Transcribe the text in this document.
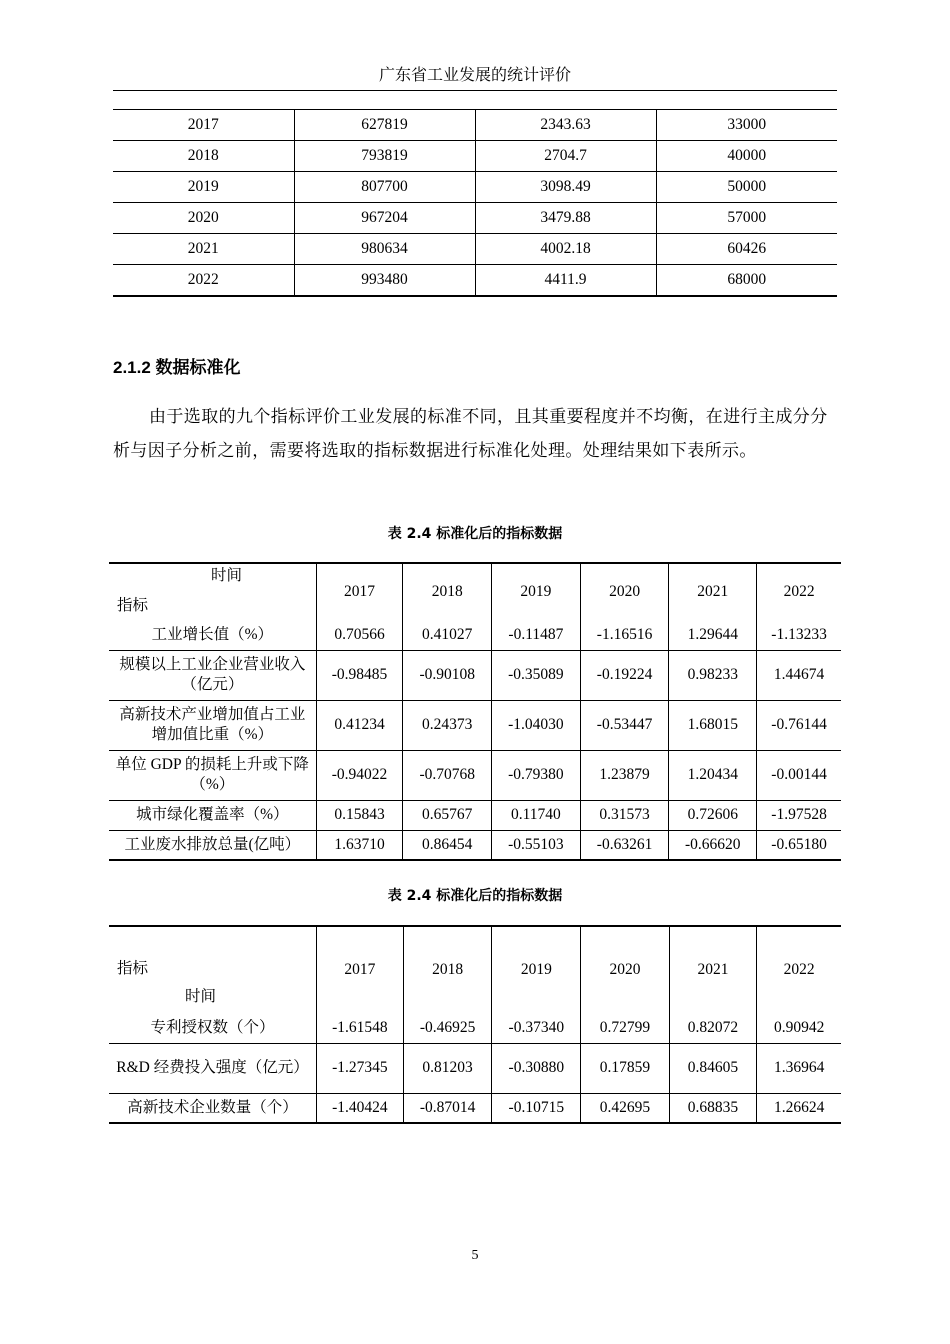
广东省工业发展的统计评价
2017	627819	2343.63	33000
2018	793819	2704.7	40000
2019	807700	3098.49	50000
2020	967204	3479.88	57000
2021	980634	4002.18	60426
2022	993480	4411.9	68000
2.1.2 数据标准化
由于选取的九个指标评价工业发展的标准不同，且其重要程度并不均衡，在进行主成分分析与因子分析之前，需要将选取的指标数据进行标准化处理。处理结果如下表所示。
表 2.4 标准化后的指标数据
时间
指标	2017	2018	2019	2020	2021	2022
工业增长值（%）	0.70566	0.41027	-0.11487	-1.16516	1.29644	-1.13233
规模以上工业企业营业收入（亿元）	-0.98485	-0.90108	-0.35089	-0.19224	0.98233	1.44674
高新技术产业增加值占工业增加值比重（%）	0.41234	0.24373	-1.04030	-0.53447	1.68015	-0.76144
单位 GDP 的损耗上升或下降（%）	-0.94022	-0.70768	-0.79380	1.23879	1.20434	-0.00144
城市绿化覆盖率（%）	0.15843	0.65767	0.11740	0.31573	0.72606	-1.97528
工业废水排放总量(亿吨）	1.63710	0.86454	-0.55103	-0.63261	-0.66620	-0.65180
表 2.4 标准化后的指标数据
指标
时间	2017	2018	2019	2020	2021	2022
专利授权数（个）	-1.61548	-0.46925	-0.37340	0.72799	0.82072	0.90942
R&D 经费投入强度（亿元）	-1.27345	0.81203	-0.30880	0.17859	0.84605	1.36964
高新技术企业数量（个）	-1.40424	-0.87014	-0.10715	0.42695	0.68835	1.26624
5
